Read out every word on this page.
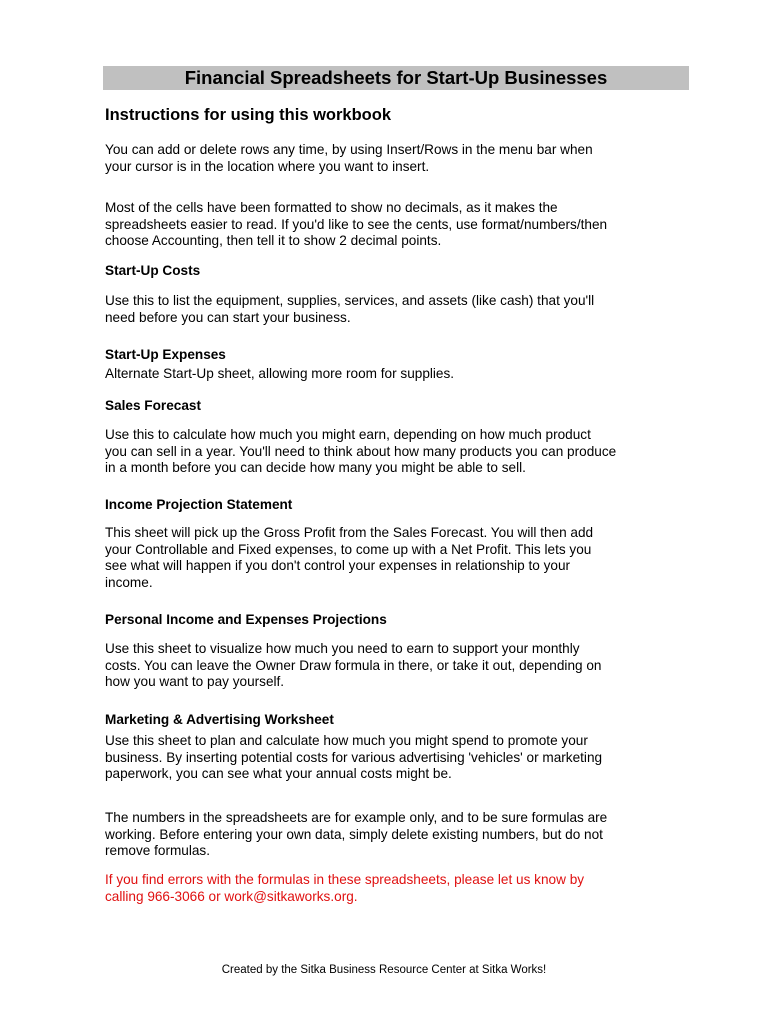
Financial Spreadsheets for Start-Up Businesses
Instructions for using this workbook
You can add or delete rows any time, by using Insert/Rows in the menu bar when
your cursor is in the location where you want to insert.
Most of the cells have been formatted to show no decimals, as it makes the
spreadsheets easier to read. If you'd like to see the cents, use format/numbers/then
choose Accounting, then tell it to show 2 decimal points.
Start-Up Costs
Use this to list the equipment, supplies, services, and assets (like cash) that you'll
need before you can start your business.
Start-Up Expenses
Alternate Start-Up sheet, allowing more room for supplies.
Sales Forecast
Use this to calculate how much you might earn, depending on how much product
you can sell in a year. You'll need to think about how many products you can produce
in a month before you can decide how many you might be able to sell.
Income Projection Statement
This sheet will pick up the Gross Profit from the Sales Forecast. You will then add
your Controllable and Fixed expenses, to come up with a Net Profit. This lets you
see what will happen if you don't control your expenses in relationship to your
income.
Personal Income and Expenses Projections
Use this sheet to visualize how much you need to earn to support your monthly
costs. You can leave the Owner Draw formula in there, or take it out, depending on
how you want to pay yourself.
Marketing & Advertising Worksheet
Use this sheet to plan and calculate how much you might spend to promote your
business. By inserting potential costs for various advertising 'vehicles' or marketing
paperwork, you can see what your annual costs might be.
The numbers in the spreadsheets are for example only, and to be sure formulas are
working. Before entering your own data, simply delete existing numbers, but do not
remove formulas.
If you find errors with the formulas in these spreadsheets, please let us know by
calling 966-3066 or work@sitkaworks.org.
Created by the Sitka Business Resource Center at Sitka Works!
